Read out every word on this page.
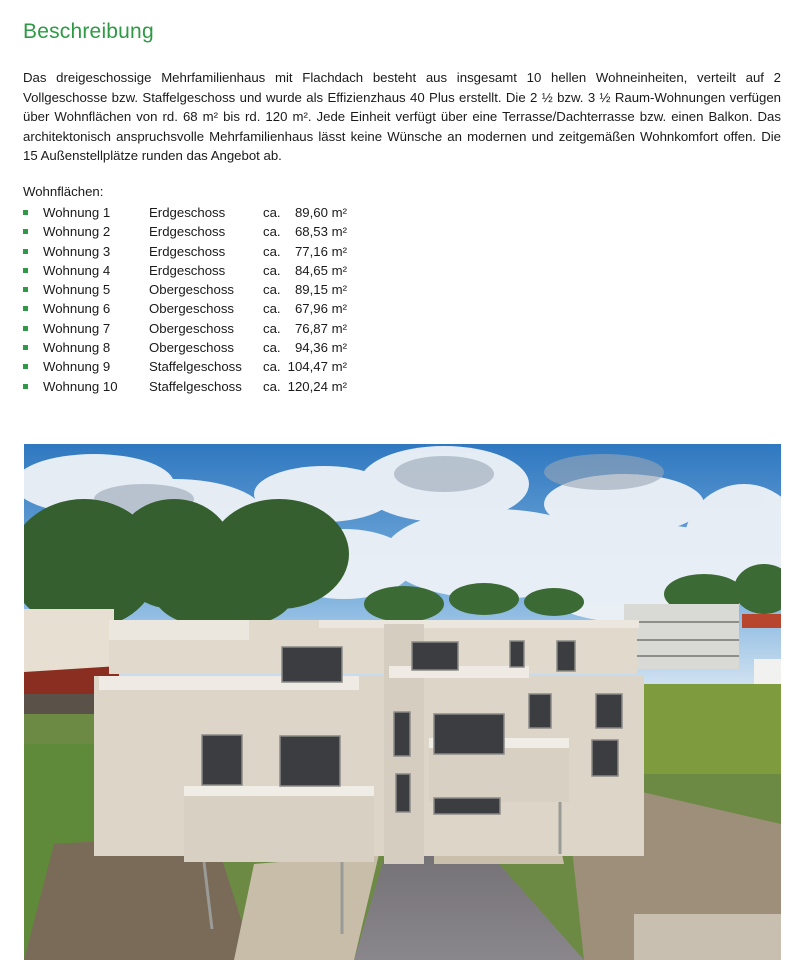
Beschreibung

Das dreigeschossige Mehrfamilienhaus mit Flachdach besteht aus insgesamt 10 hellen Wohneinheiten, verteilt auf 2 Vollgeschosse bzw. Staffelgeschoss und wurde als Effizienzhaus 40 Plus erstellt. Die 2 ½ bzw. 3 ½ Raum-Wohnungen verfügen über Wohnflächen von rd. 68 m² bis rd. 120 m². Jede Einheit verfügt über eine Terrasse/Dachterrasse bzw. einen Balkon. Das architektonisch anspruchsvolle Mehrfamilienhaus lässt keine Wünsche an modernen und zeitgemäßen Wohnkomfort offen. Die 15 Außenstellplätze runden das Angebot ab.

Wohnflächen:

Wohnung 1	Erdgeschoss	ca.	89,60 m²
Wohnung 2	Erdgeschoss	ca.	68,53 m²
Wohnung 3	Erdgeschoss	ca.	77,16 m²
Wohnung 4	Erdgeschoss	ca.	84,65 m²
Wohnung 5	Obergeschoss	ca.	89,15 m²
Wohnung 6	Obergeschoss	ca.	67,96 m²
Wohnung 7	Obergeschoss	ca.	76,87 m²
Wohnung 8	Obergeschoss	ca.	94,36 m²
Wohnung 9	Staffelgeschoss	ca. 104,47 m²
Wohnung 10	Staffelgeschoss	ca. 120,24 m²
